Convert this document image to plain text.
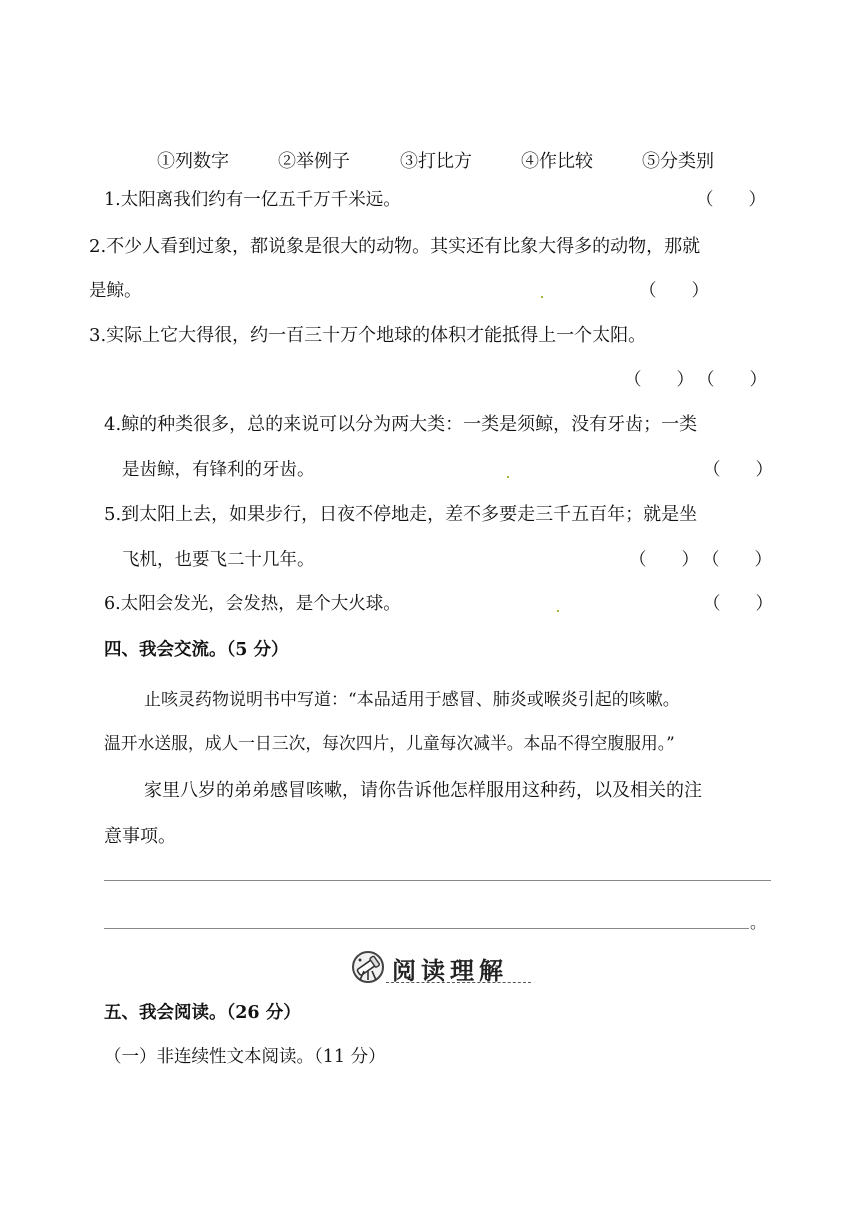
①列数字	②举例子	③打比方	④作比较	⑤分类别
1.太阳离我们约有一亿五千万千米远。	（　　）
2.不少人看到过象，都说象是很大的动物。其实还有比象大得多的动物，那就
是鲸。	（　　）
3.实际上它大得很，约一百三十万个地球的体积才能抵得上一个太阳。
（　　） （　　）
4.鲸的种类很多，总的来说可以分为两大类：一类是须鲸，没有牙齿；一类
是齿鲸，有锋利的牙齿。	（　　）
5.到太阳上去，如果步行，日夜不停地走，差不多要走三千五百年；就是坐
飞机，也要飞二十几年。	（　　） （　　）
6.太阳会发光，会发热，是个大火球。	（　　）
四、我会交流。（5 分）
止咳灵药物说明书中写道：“本品适用于感冒、肺炎或喉炎引起的咳嗽。
温开水送服，成人一日三次，每次四片，儿童每次减半。本品不得空腹服用。”
家里八岁的弟弟感冒咳嗽，请你告诉他怎样服用这种药，以及相关的注
意事项。
。
阅读理解
五、我会阅读。（26 分）
（一）非连续性文本阅读。（11 分）
